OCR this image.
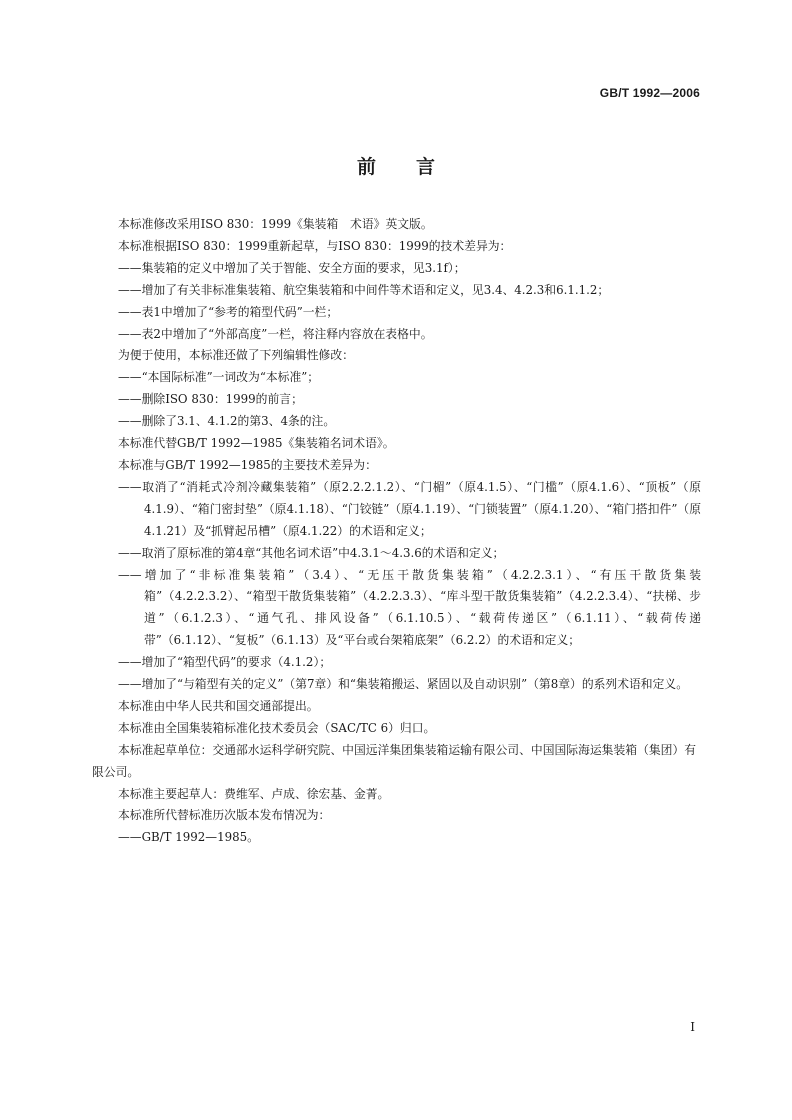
GB/T 1992—2006
前言

本标准修改采用ISO 830：1999《集装箱　术语》英文版。

本标准根据ISO 830：1999重新起草，与ISO 830：1999的技术差异为：

——集装箱的定义中增加了关于智能、安全方面的要求，见3.1f）；

——增加了有关非标准集装箱、航空集装箱和中间件等术语和定义，见3.4、4.2.3和6.1.1.2；

——表1中增加了“参考的箱型代码”一栏；

——表2中增加了“外部高度”一栏，将注释内容放在表格中。

为便于使用，本标准还做了下列编辑性修改：

——“本国际标准”一词改为“本标准”；

——删除ISO 830：1999的前言；

——删除了3.1、4.1.2的第3、4条的注。

本标准代替GB/T 1992—1985《集装箱名词术语》。

本标准与GB/T 1992—1985的主要技术差异为：

——取消了“消耗式冷剂冷藏集装箱”（原2.2.2.1.2）、“门楣”（原4.1.5）、“门槛”（原4.1.6）、“顶板”（原4.1.9）、“箱门密封垫”（原4.1.18）、“门铰链”（原4.1.19）、“门锁装置”（原4.1.20）、“箱门搭扣件”（原4.1.21）及“抓臂起吊槽”（原4.1.22）的术语和定义；

——取消了原标准的第4章“其他名词术语”中4.3.1～4.3.6的术语和定义；

——增加了“非标准集装箱”（3.4）、“无压干散货集装箱”（4.2.2.3.1）、“有压干散货集装箱”（4.2.2.3.2）、“箱型干散货集装箱”（4.2.2.3.3）、“库斗型干散货集装箱”（4.2.2.3.4）、“扶梯、步道”（6.1.2.3）、“通气孔、排风设备”（6.1.10.5）、“载荷传递区”（6.1.11）、“载荷传递带”（6.1.12）、“复板”（6.1.13）及“平台或台架箱底架”（6.2.2）的术语和定义；

——增加了“箱型代码”的要求（4.1.2）；

——增加了“与箱型有关的定义”（第7章）和“集装箱搬运、紧固以及自动识别”（第8章）的系列术语和定义。

本标准由中华人民共和国交通部提出。

本标准由全国集装箱标准化技术委员会（SAC/TC 6）归口。

本标准起草单位：交通部水运科学研究院、中国远洋集团集装箱运输有限公司、中国国际海运集装箱（集团）有限公司。

本标准主要起草人：费维军、卢成、徐宏基、金菁。

本标准所代替标准历次版本发布情况为：

——GB/T 1992—1985。

I
